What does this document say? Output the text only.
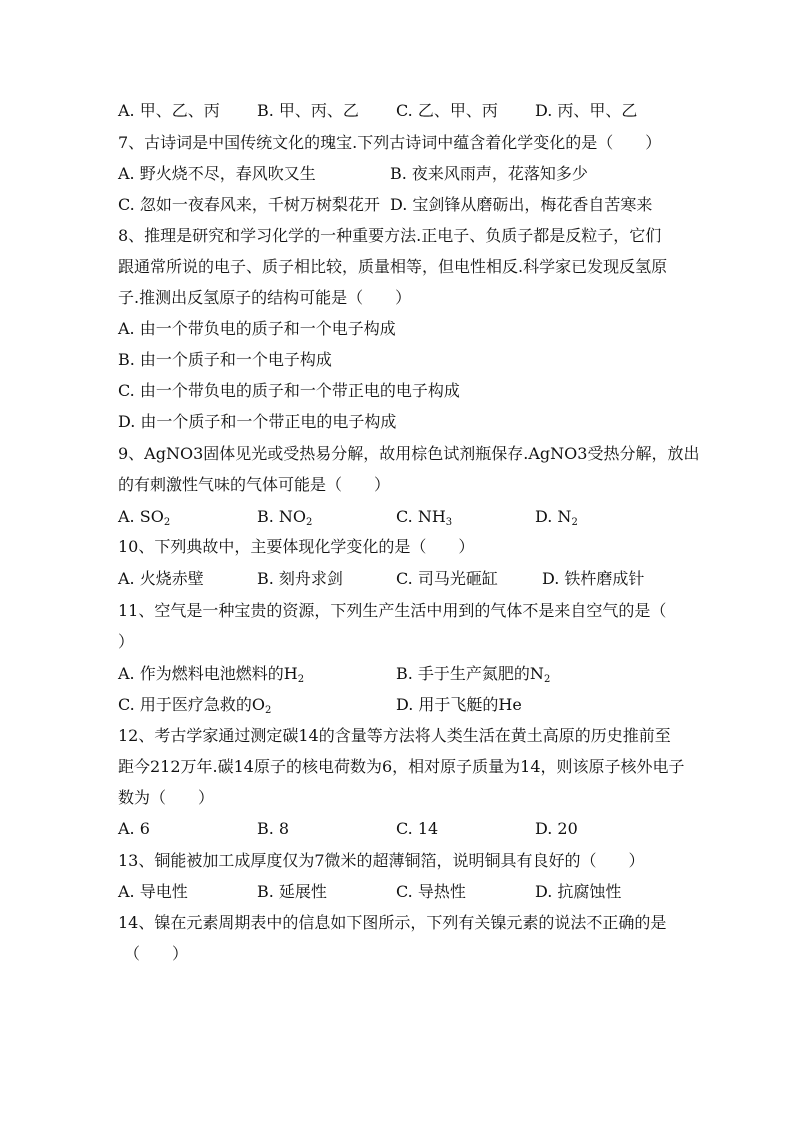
A. 甲、乙、丙 B. 甲、丙、乙 C. 乙、甲、丙 D. 丙、甲、乙
7、古诗词是中国传统文化的瑰宝.下列古诗词中蕴含着化学变化的是（　　）
A. 野火烧不尽，春风吹又生	B. 夜来风雨声，花落知多少
C. 忽如一夜春风来，千树万树梨花开 D. 宝剑锋从磨砺出，梅花香自苦寒来
8、推理是研究和学习化学的一种重要方法.正电子、负质子都是反粒子，它们
跟通常所说的电子、质子相比较，质量相等，但电性相反.科学家已发现反氢原
子.推测出反氢原子的结构可能是（　　）
A. 由一个带负电的质子和一个电子构成
B. 由一个质子和一个电子构成
C. 由一个带负电的质子和一个带正电的电子构成
D. 由一个质子和一个带正电的电子构成
9、AgNO3固体见光或受热易分解，故用棕色试剂瓶保存.AgNO3受热分解，放出
的有刺激性气味的气体可能是（　　）
A. $SO_2$	B. $NO_2$	C. $NH_3$	D. $N_2$
10、下列典故中，主要体现化学变化的是（　　）
A. 火烧赤壁	B. 刻舟求剑	C. 司马光砸缸	D. 铁杵磨成针
11、空气是一种宝贵的资源，下列生产生活中用到的气体不是来自空气的是（
）
A. 作为燃料电池燃料的$H_2$	B. 手于生产氮肥的$N_2$
C. 用于医疗急救的$O_2$	D. 用于飞艇的He
12、考古学家通过测定碳14的含量等方法将人类生活在黄土高原的历史推前至
距今212万年.碳14原子的核电荷数为6，相对原子质量为14，则该原子核外电子
数为（　　）
A. 6	B. 8	C. 14	D. 20
13、铜能被加工成厚度仅为7微米的超薄铜箔，说明铜具有良好的（　　）
A. 导电性	B. 延展性	C. 导热性	D. 抗腐蚀性
14、镍在元素周期表中的信息如下图所示，下列有关镍元素的说法不正确的是
（　　）
